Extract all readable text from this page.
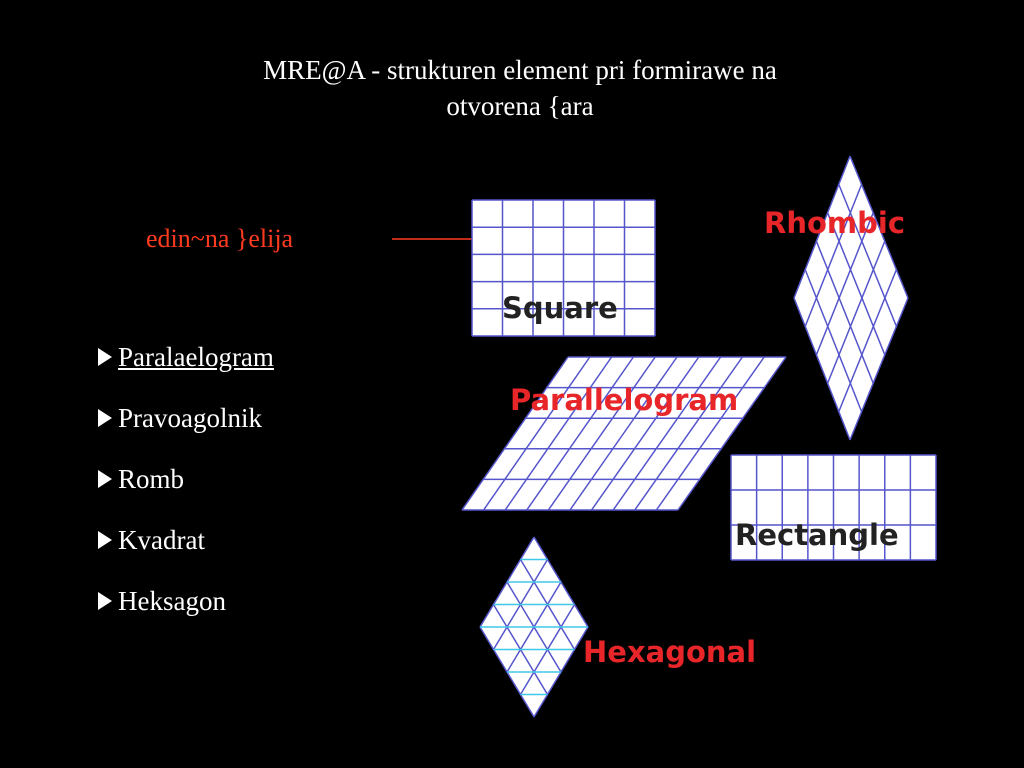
MRE@A - strukturen element pri formirawe na
otvorena {ara
edin~na }elija
Paralaelogram
Pravoagolnik
Romb
Kvadrat
Heksagon
Square
Rhombic
Parallelogram
Rectangle
Hexagonal
